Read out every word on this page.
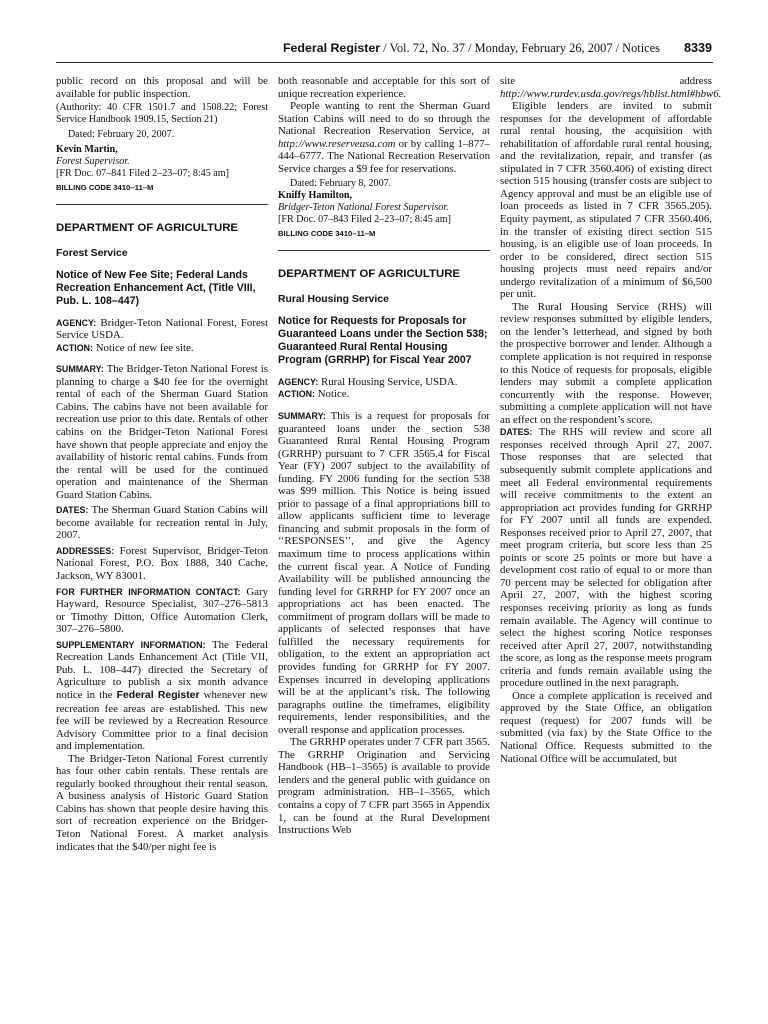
Federal Register / Vol. 72, No. 37 / Monday, February 26, 2007 / Notices 8339

public record on this proposal and will be available for public inspection.

(Authority: 40 CFR 1501.7 and 1508.22; Forest Service Handbook 1909.15, Section 21)

Dated: February 20, 2007.

Kevin Martin,

Forest Supervisor.

[FR Doc. 07–841 Filed 2–23–07; 8:45 am]

BILLING CODE 3410–11–M

DEPARTMENT OF AGRICULTURE

Forest Service

Notice of New Fee Site; Federal Lands Recreation Enhancement Act, (Title VIII, Pub. L. 108–447)

AGENCY: Bridger-Teton National Forest, Forest Service USDA.

ACTION: Notice of new fee site.

SUMMARY: The Bridger-Teton National Forest is planning to charge a $40 fee for the overnight rental of each of the Sherman Guard Station Cabins. The cabins have not been available for recreation use prior to this date. Rentals of other cabins on the Bridger-Teton National Forest have shown that people appreciate and enjoy the availability of historic rental cabins. Funds from the rental will be used for the continued operation and maintenance of the Sherman Guard Station Cabins.

DATES: The Sherman Guard Station Cabins will become available for recreation rental in July, 2007.

ADDRESSES: Forest Supervisor, Bridger-Teton National Forest, P.O. Box 1888, 340 Cache, Jackson, WY 83001.

FOR FURTHER INFORMATION CONTACT: Gary Hayward, Resource Specialist, 307–276–5813 or Timothy Ditton, Office Automation Clerk, 307–276–5800.

SUPPLEMENTARY INFORMATION: The Federal Recreation Lands Enhancement Act (Title VII, Pub. L. 108–447) directed the Secretary of Agriculture to publish a six month advance notice in the Federal Register whenever new recreation fee areas are established. This new fee will be reviewed by a Recreation Resource Advisory Committee prior to a final decision and implementation.

The Bridger-Teton National Forest currently has four other cabin rentals. These rentals are regularly booked throughout their rental season. A business analysis of Historic Guard Station Cabins has shown that people desire having this sort of recreation experience on the Bridger-Teton National Forest. A market analysis indicates that the $40/per night fee is

both reasonable and acceptable for this sort of unique recreation experience.

People wanting to rent the Sherman Guard Station Cabins will need to do so through the National Recreation Reservation Service, at http://www.reserveusa.com or by calling 1–877–444–6777. The National Recreation Reservation Service charges a $9 fee for reservations.

Dated: February 8, 2007.

Kniffy Hamilton,

Bridger-Teton National Forest Supervisor.

[FR Doc. 07–843 Filed 2–23–07; 8:45 am]

BILLING CODE 3410–11–M

DEPARTMENT OF AGRICULTURE

Rural Housing Service

Notice for Requests for Proposals for Guaranteed Loans under the Section 538; Guaranteed Rural Rental Housing Program (GRRHP) for Fiscal Year 2007

AGENCY: Rural Housing Service, USDA.

ACTION: Notice.

SUMMARY: This is a request for proposals for guaranteed loans under the section 538 Guaranteed Rural Rental Housing Program (GRRHP) pursuant to 7 CFR 3565.4 for Fiscal Year (FY) 2007 subject to the availability of funding. FY 2006 funding for the section 538 was $99 million. This Notice is being issued prior to passage of a final appropriations bill to allow applicants sufficient time to leverage financing and submit proposals in the form of ‘‘RESPONSES’’, and give the Agency maximum time to process applications within the current fiscal year. A Notice of Funding Availability will be published announcing the funding level for GRRHP for FY 2007 once an appropriations act has been enacted. The commitment of program dollars will be made to applicants of selected responses that have fulfilled the necessary requirements for obligation, to the extent an appropriation act provides funding for GRRHP for FY 2007. Expenses incurred in developing applications will be at the applicant’s risk. The following paragraphs outline the timeframes, eligibility requirements, lender responsibilities, and the overall response and application processes.

The GRRHP operates under 7 CFR part 3565. The GRRHP Origination and Servicing Handbook (HB–1–3565) is available to provide lenders and the general public with guidance on program administration. HB–1–3565, which contains a copy of 7 CFR part 3565 in Appendix 1, can be found at the Rural Development Instructions Web

site address http://www.rurdev.usda.gov/regs/hblist.html#hbw6.

Eligible lenders are invited to submit responses for the development of affordable rural rental housing, the acquisition with rehabilitation of affordable rural rental housing, and the revitalization, repair, and transfer (as stipulated in 7 CFR 3560.406) of existing direct section 515 housing (transfer costs are subject to Agency approval and must be an eligible use of loan proceeds as listed in 7 CFR 3565.205). Equity payment, as stipulated 7 CFR 3560.406, in the transfer of existing direct section 515 housing, is an eligible use of loan proceeds. In order to be considered, direct section 515 housing projects must need repairs and/or undergo revitalization of a minimum of $6,500 per unit.

The Rural Housing Service (RHS) will review responses submitted by eligible lenders, on the lender’s letterhead, and signed by both the prospective borrower and lender. Although a complete application is not required in response to this Notice of requests for proposals, eligible lenders may submit a complete application concurrently with the response. However, submitting a complete application will not have an effect on the respondent’s score.

DATES: The RHS will review and score all responses received through April 27, 2007. Those responses that are selected that subsequently submit complete applications and meet all Federal environmental requirements will receive commitments to the extent an appropriation act provides funding for GRRHP for FY 2007 until all funds are expended. Responses received prior to April 27, 2007, that meet program criteria, but score less than 25 points or score 25 points or more but have a development cost ratio of equal to or more than 70 percent may be selected for obligation after April 27, 2007, with the highest scoring responses receiving priority as long as funds remain available. The Agency will continue to select the highest scoring Notice responses received after April 27, 2007, notwithstanding the score, as long as the response meets program criteria and funds remain available using the procedure outlined in the next paragraph.

Once a complete application is received and approved by the State Office, an obligation request (request) for 2007 funds will be submitted (via fax) by the State Office to the National Office. Requests submitted to the National Office will be accumulated, but
